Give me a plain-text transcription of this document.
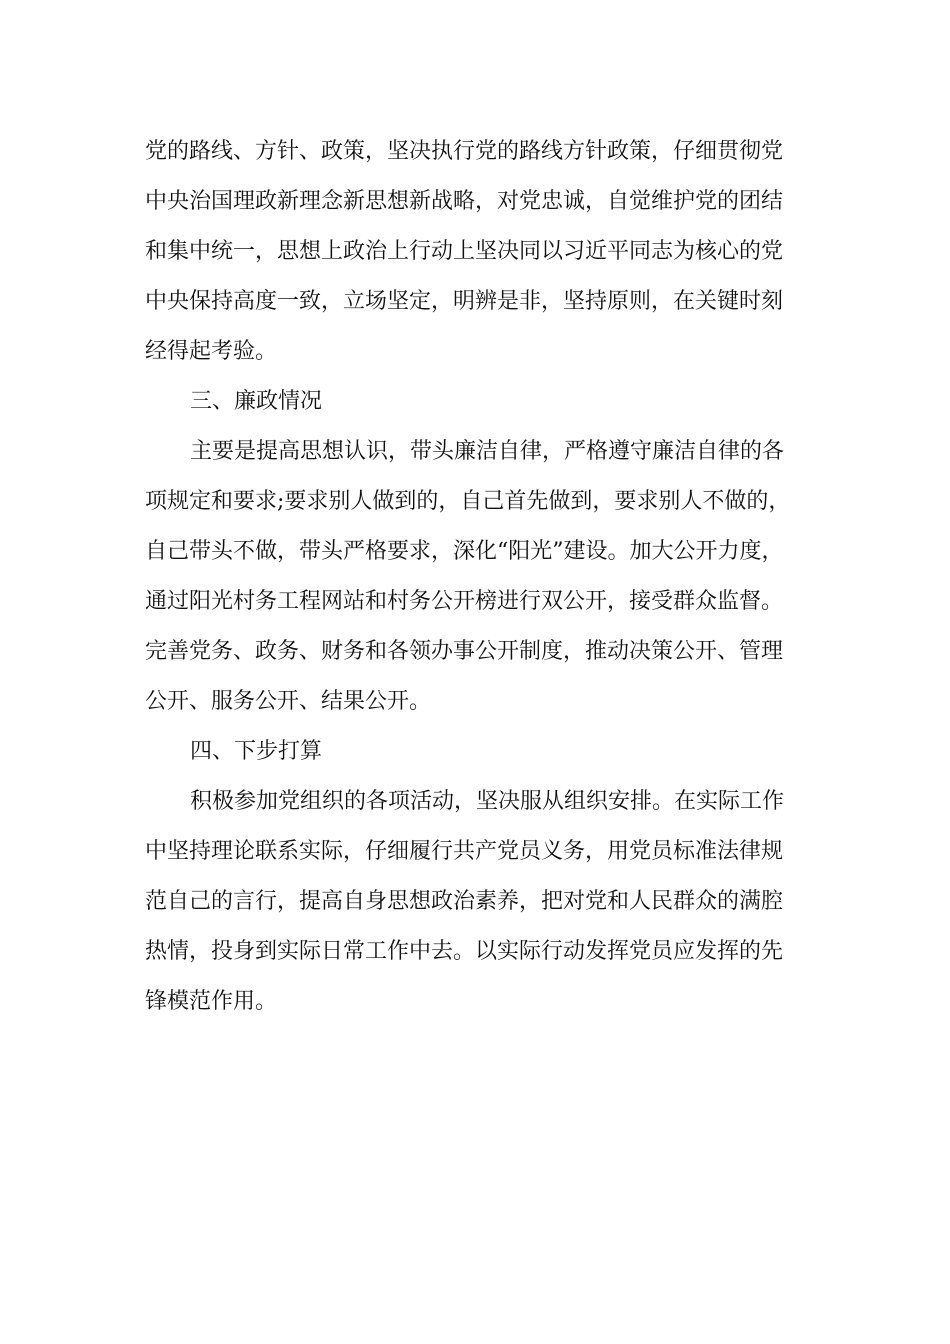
党的路线、方针、政策，坚决执行党的路线方针政策，仔细贯彻党
中央治国理政新理念新思想新战略，对党忠诚，自觉维护党的团结
和集中统一，思想上政治上行动上坚决同以习近平同志为核心的党
中央保持高度一致，立场坚定，明辨是非，坚持原则，在关键时刻
经得起考验。
三、廉政情况
主要是提高思想认识，带头廉洁自律，严格遵守廉洁自律的各
项规定和要求;要求别人做到的，自己首先做到，要求别人不做的，
自己带头不做，带头严格要求，深化“阳光”建设。加大公开力度，
通过阳光村务工程网站和村务公开榜进行双公开，接受群众监督。
完善党务、政务、财务和各领办事公开制度，推动决策公开、管理
公开、服务公开、结果公开。
四、下步打算
积极参加党组织的各项活动，坚决服从组织安排。在实际工作
中坚持理论联系实际，仔细履行共产党员义务，用党员标准法律规
范自己的言行，提高自身思想政治素养，把对党和人民群众的满腔
热情，投身到实际日常工作中去。以实际行动发挥党员应发挥的先
锋模范作用。
